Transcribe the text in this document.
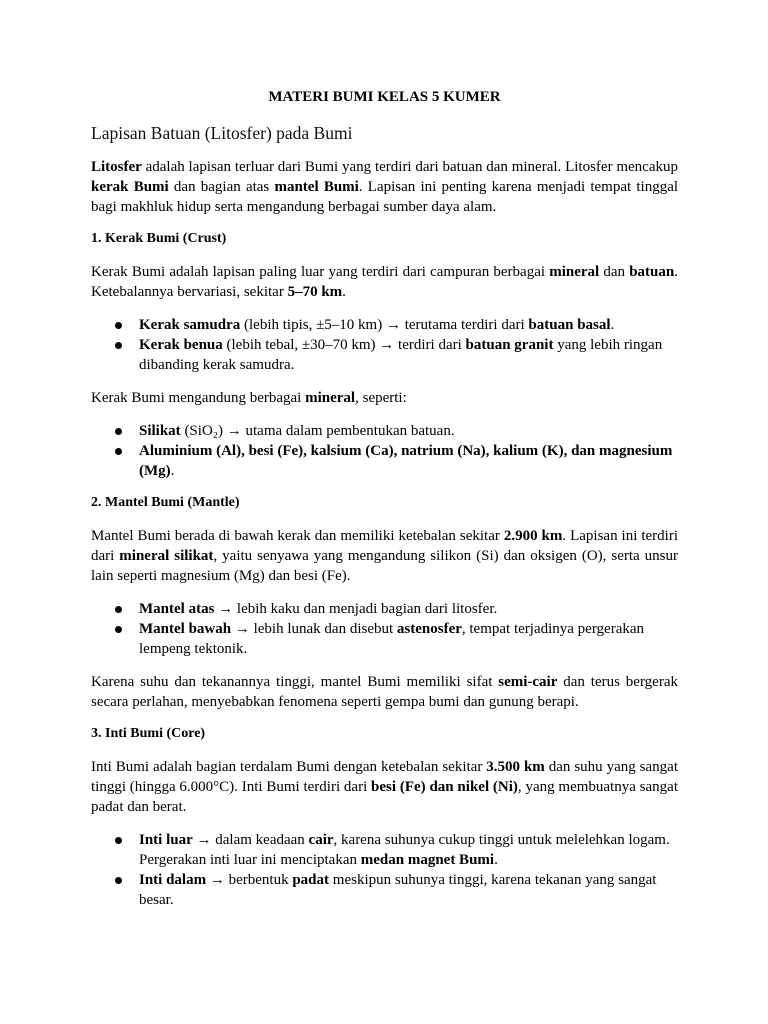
MATERI BUMI KELAS 5 KUMER
Lapisan Batuan (Litosfer) pada Bumi

Litosfer adalah lapisan terluar dari Bumi yang terdiri dari batuan dan mineral. Litosfer mencakup kerak Bumi dan bagian atas mantel Bumi. Lapisan ini penting karena menjadi tempat tinggal bagi makhluk hidup serta mengandung berbagai sumber daya alam.

1. Kerak Bumi (Crust)

Kerak Bumi adalah lapisan paling luar yang terdiri dari campuran berbagai mineral dan batuan. Ketebalannya bervariasi, sekitar 5–70 km.

Kerak samudra (lebih tipis, ±5–10 km) → terutama terdiri dari batuan basal.
Kerak benua (lebih tebal, ±30–70 km) → terdiri dari batuan granit yang lebih ringan dibanding kerak samudra.

Kerak Bumi mengandung berbagai mineral, seperti:

Silikat (SiO₂) → utama dalam pembentukan batuan.
Aluminium (Al), besi (Fe), kalsium (Ca), natrium (Na), kalium (K), dan magnesium (Mg).
2. Mantel Bumi (Mantle)

Mantel Bumi berada di bawah kerak dan memiliki ketebalan sekitar 2.900 km. Lapisan ini terdiri dari mineral silikat, yaitu senyawa yang mengandung silikon (Si) dan oksigen (O), serta unsur lain seperti magnesium (Mg) dan besi (Fe).

Mantel atas → lebih kaku dan menjadi bagian dari litosfer.
Mantel bawah → lebih lunak dan disebut astenosfer, tempat terjadinya pergerakan lempeng tektonik.

Karena suhu dan tekanannya tinggi, mantel Bumi memiliki sifat semi-cair dan terus bergerak secara perlahan, menyebabkan fenomena seperti gempa bumi dan gunung berapi.

3. Inti Bumi (Core)

Inti Bumi adalah bagian terdalam Bumi dengan ketebalan sekitar 3.500 km dan suhu yang sangat tinggi (hingga 6.000°C). Inti Bumi terdiri dari besi (Fe) dan nikel (Ni), yang membuatnya sangat padat dan berat.

Inti luar → dalam keadaan cair, karena suhunya cukup tinggi untuk melelehkan logam. Pergerakan inti luar ini menciptakan medan magnet Bumi.
Inti dalam → berbentuk padat meskipun suhunya tinggi, karena tekanan yang sangat besar.
